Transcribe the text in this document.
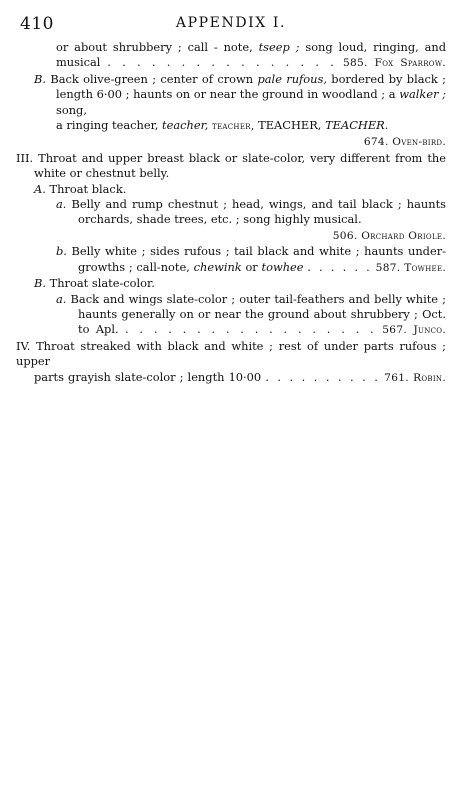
410	APPENDIX I.
or about shrubbery ; call - note, tseep ; song loud, ringing, and
musical . . . . . . . . . . . . . . . . 585. Fox Sparrow.
B. Back olive-green ; center of crown pale rufous, bordered by black ;
length 6·00 ; haunts on or near the ground in woodland ; a walker ; song,
a ringing teacher, teacher, teacher, TEACHER, TEACHER.
674. Oven-bird.
III. Throat and upper breast black or slate-color, very different from the
white or chestnut belly.
A. Throat black.
a. Belly and rump chestnut ; head, wings, and tail black ; haunts
orchards, shade trees, etc. ; song highly musical.
506. Orchard Oriole.
b. Belly white ; sides rufous ; tail black and white ; haunts under-
growths ; call-note, chewink or towhee . . . . . . 587. Towhee.
B. Throat slate-color.
a. Back and wings slate-color ; outer tail-feathers and belly white ;
haunts generally on or near the ground about shrubbery ; Oct.
to Apl. . . . . . . . . . . . . . . . . . . 567. Junco.
IV. Throat streaked with black and white ; rest of under parts rufous ; upper
parts grayish slate-color ; length 10·00 . . . . . . . . . . 761. Robin.
